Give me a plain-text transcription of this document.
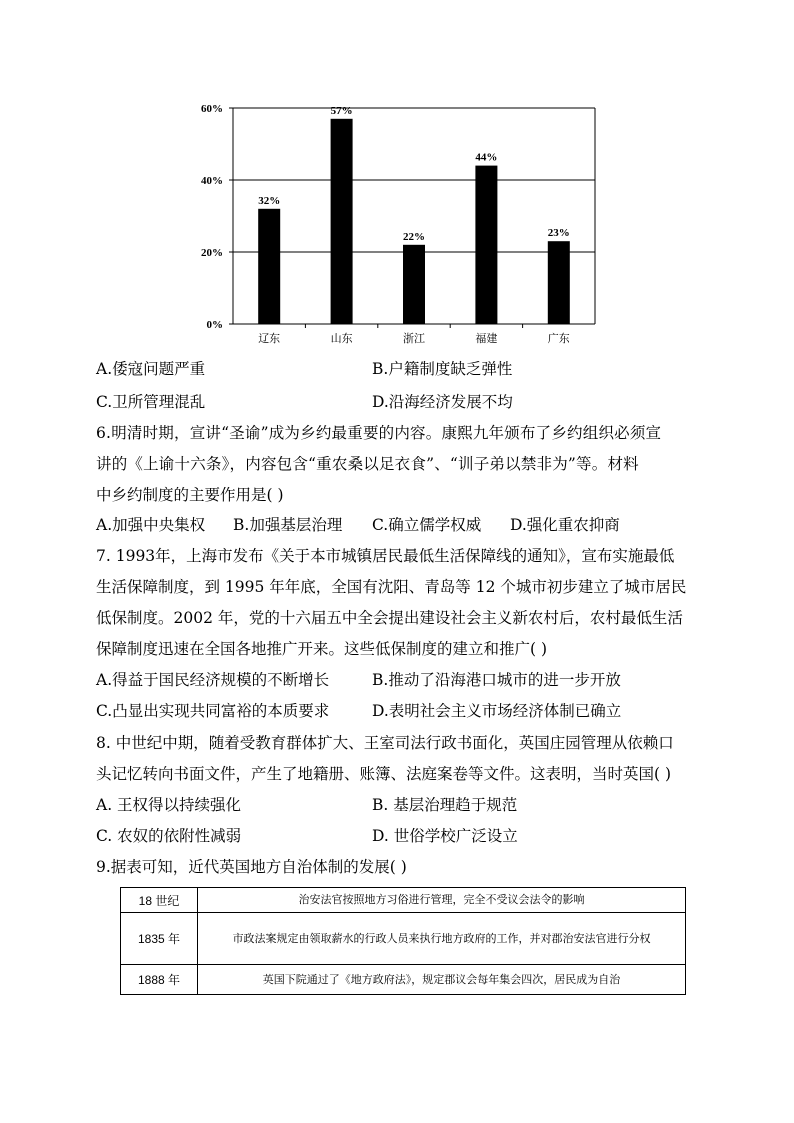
0%
20%
40%
60%
32%
辽东
57%
山东
22%
浙江
44%
福建
23%
广东
A.倭寇问题严重	B.户籍制度缺乏弹性
C.卫所管理混乱	D.沿海经济发展不均
6.明清时期，宣讲“圣谕”成为乡约最重要的内容。康熙九年颁布了乡约组织必须宣
讲的《上谕十六条》，内容包含“重农桑以足衣食”、“训子弟以禁非为”等。材料
中乡约制度的主要作用是( )
A.加强中央集权 B.加强基层治理 C.确立儒学权威 D.强化重农抑商
7. 1993年，上海市发布《关于本市城镇居民最低生活保障线的通知》，宣布实施最低
生活保障制度，到 1995 年年底，全国有沈阳、青岛等 12 个城市初步建立了城市居民
低保制度。2002 年，党的十六届五中全会提出建设社会主义新农村后，农村最低生活
保障制度迅速在全国各地推广开来。这些低保制度的建立和推广( )
A.得益于国民经济规模的不断增长	B.推动了沿海港口城市的进一步开放
C.凸显出实现共同富裕的本质要求	D.表明社会主义市场经济体制已确立
8. 中世纪中期，随着受教育群体扩大、王室司法行政书面化，英国庄园管理从依赖口
头记忆转向书面文件，产生了地籍册、账簿、法庭案卷等文件。这表明，当时英国( )
A. 王权得以持续强化	B. 基层治理趋于规范
C. 农奴的依附性减弱	D. 世俗学校广泛设立
9.据表可知，近代英国地方自治体制的发展( )
18 世纪	治安法官按照地方习俗进行管理，完全不受议会法令的影响
1835 年	市政法案规定由领取薪水的行政人员来执行地方政府的工作，并对郡治安法官进行分权
1888 年	英国下院通过了《地方政府法》，规定郡议会每年集会四次，居民成为自治
